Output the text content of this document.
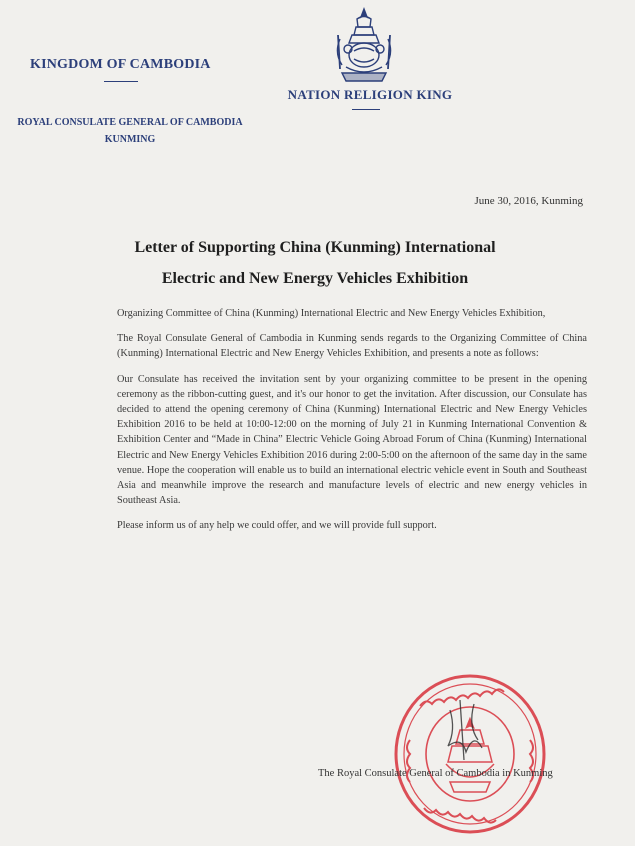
KINGDOM OF CAMBODIA
NATION RELIGION KING
ROYAL CONSULATE GENERAL OF CAMBODIA
KUNMING
June 30, 2016, Kunming
Letter of Supporting China (Kunming) International
Electric and New Energy Vehicles Exhibition

Organizing Committee of China (Kunming) International Electric and New Energy Vehicles Exhibition,

The Royal Consulate General of Cambodia in Kunming sends regards to the Organizing Committee of China (Kunming) International Electric and New Energy Vehicles Exhibition, and presents a note as follows:

Our Consulate has received the invitation sent by your organizing committee to be present in the opening ceremony as the ribbon-cutting guest, and it's our honor to get the invitation. After discussion, our Consulate has decided to attend the opening ceremony of China (Kunming) International Electric and New Energy Vehicles Exhibition 2016 to be held at 10:00-12:00 on the morning of July 21 in Kunming International Convention & Exhibition Center and “Made in China” Electric Vehicle Going Abroad Forum of China (Kunming) International Electric and New Energy Vehicles Exhibition 2016 during 2:00-5:00 on the afternoon of the same day in the same venue. Hope the cooperation will enable us to build an international electric vehicle event in South and Southeast Asia and meanwhile improve the research and manufacture levels of electric and new energy vehicles in Southeast Asia.

Please inform us of any help we could offer, and we will provide full support.

The Royal Consulate General of Cambodia in Kunming
